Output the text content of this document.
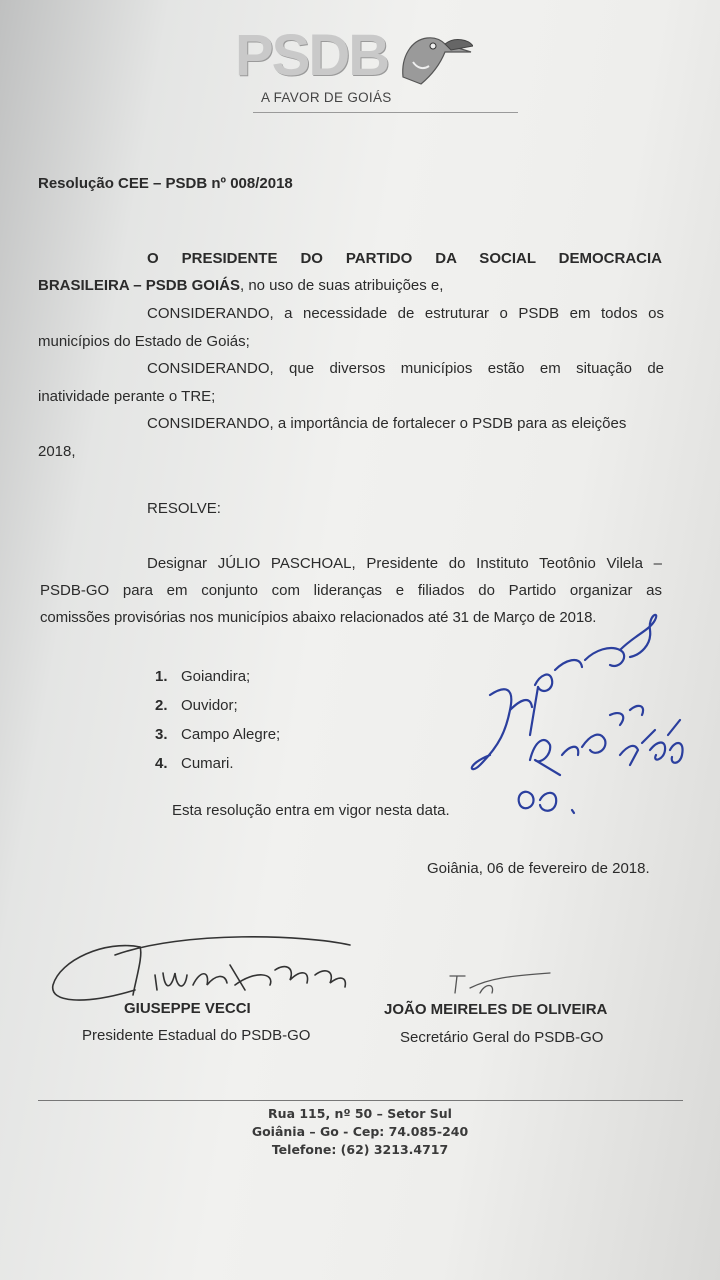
PSDB
A FAVOR DE GOIÁS
Resolução CEE – PSDB nº 008/2018
O PRESIDENTE DO PARTIDO DA SOCIAL DEMOCRACIA
BRASILEIRA – PSDB GOIÁS, no uso de suas atribuições e,
CONSIDERANDO, a necessidade de estruturar o PSDB em todos os
municípios do Estado de Goiás;
CONSIDERANDO, que diversos municípios estão em situação de
inatividade perante o TRE;
CONSIDERANDO, a importância de fortalecer o PSDB para as eleições
2018,
RESOLVE:
Designar JÚLIO PASCHOAL, Presidente do Instituto Teotônio Vilela –
PSDB-GO para em conjunto com lideranças e filiados do Partido organizar as
comissões provisórias nos municípios abaixo relacionados até 31 de Março de 2018.
1. Goiandira;
2. Ouvidor;
3. Campo Alegre;
4. Cumari.
Esta resolução entra em vigor nesta data.
Goiânia, 06 de fevereiro de 2018.
GIUSEPPE VECCI
Presidente Estadual do PSDB-GO
JOÃO MEIRELES DE OLIVEIRA
Secretário Geral do PSDB-GO
Rua 115, nº 50 – Setor Sul
Goiânia – Go - Cep: 74.085-240
Telefone: (62) 3213.4717
